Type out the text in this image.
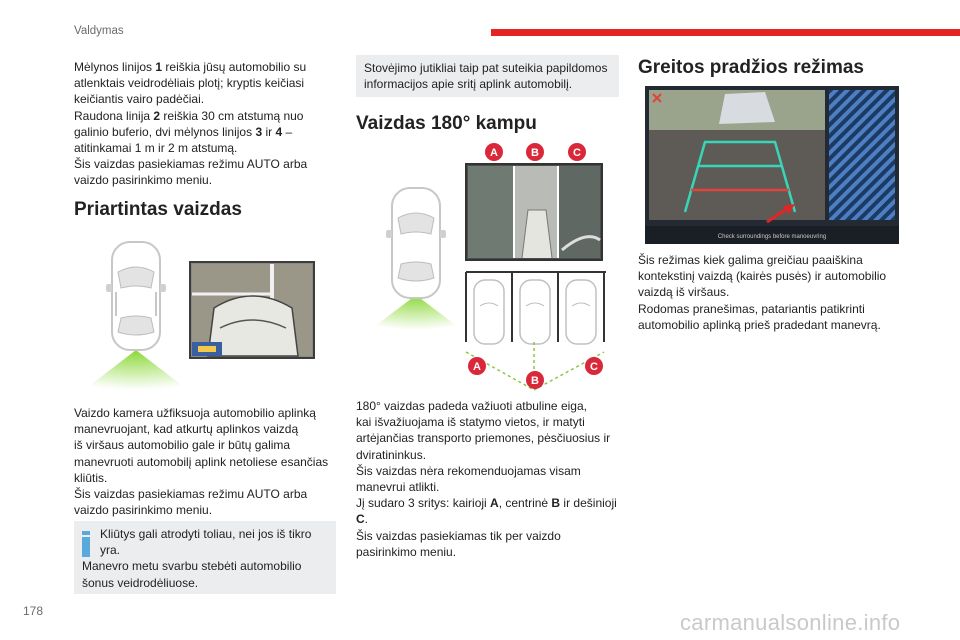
Valdymas
Mėlynos linijos 1 reiškia jūsų automobilio su
atlenktais veidrodėliais plotį; kryptis keičiasi
keičiantis vairo padėčiai.
Raudona linija 2 reiškia 30 cm atstumą nuo
galinio buferio, dvi mėlynos linijos 3 ir 4 –
atitinkamai 1 m ir 2 m atstumą.
Šis vaizdas pasiekiamas režimu AUTO arba
vaizdo pasirinkimo meniu.
Priartintas vaizdas
Vaizdo kamera užfiksuoja automobilio aplinką
manevruojant, kad atkurtų aplinkos vaizdą
iš viršaus automobilio gale ir būtų galima
manevruoti automobilį aplink netoliese esančias
kliūtis.
Šis vaizdas pasiekiamas režimu AUTO arba
vaizdo pasirinkimo meniu.
Kliūtys gali atrodyti toliau, nei jos iš tikro
yra.
Manevro metu svarbu stebėti automobilio
šonus veidrodėliuose.
Stovėjimo jutikliai taip pat suteikia papildomos
informacijos apie sritį aplink automobilį.
Vaizdas 180° kampu
A	B	C
A
B
C
180° vaizdas padeda važiuoti atbuline eiga,
kai išvažiuojama iš statymo vietos, ir matyti
artėjančias transporto priemones, pėsčiuosius ir
dviratininkus.
Šis vaizdas nėra rekomenduojamas visam
manevrui atlikti.
Jį sudaro 3 sritys: kairioji A, centrinė B ir dešinioji
C.
Šis vaizdas pasiekiamas tik per vaizdo
pasirinkimo meniu.
Greitos pradžios režimas
Check surroundings before manoeuvring
Šis režimas kiek galima greičiau paaiškina
kontekstinį vaizdą (kairės pusės) ir automobilio
vaizdą iš viršaus.
Rodomas pranešimas, patariantis patikrinti
automobilio aplinką prieš pradedant manevrą.
178	carmanualsonline.info
